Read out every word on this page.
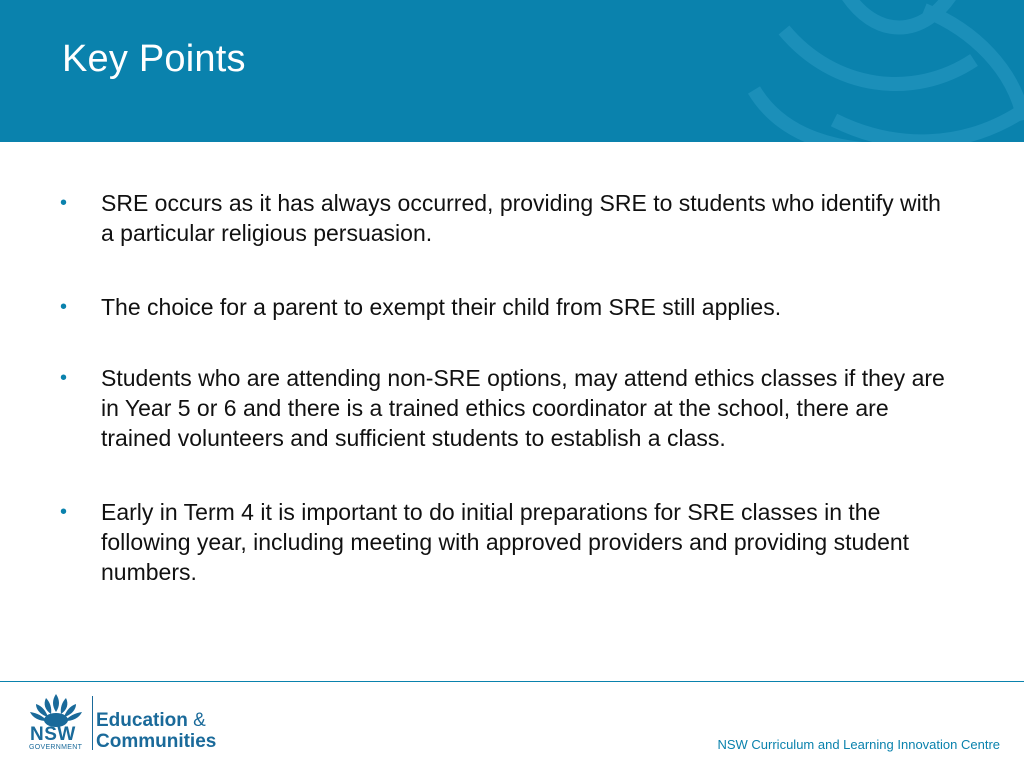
Key Points
• SRE occurs as it has always occurred, providing SRE to students who identify with a particular religious persuasion.
• The choice for a parent to exempt their child from SRE still applies.
• Students who are attending non-SRE options, may attend ethics classes if they are in Year 5 or 6 and there is a trained ethics coordinator at the school, there are trained volunteers and sufficient students to establish a class.
• Early in Term 4 it is important to do initial preparations for SRE classes in the following year, including meeting with approved providers and providing student numbers.
NSW
GOVERNMENT
Education &
Communities	NSW Curriculum and Learning Innovation Centre
